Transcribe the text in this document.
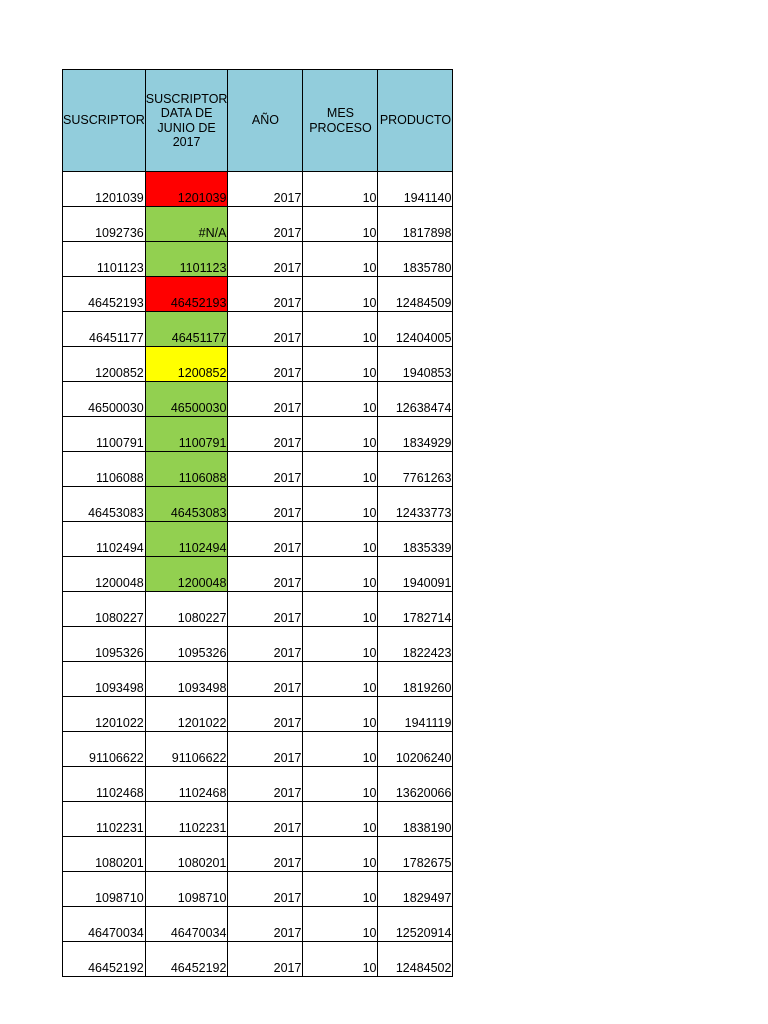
SUSCRIPTOR	SUSCRIPTOR DATA DE JUNIO DE 2017	AÑO	MES PROCESO	PRODUCTO

1201039	1201039	2017	10	1941140
1092736	#N/A	2017	10	1817898
1101123	1101123	2017	10	1835780
46452193	46452193	2017	10	12484509
46451177	46451177	2017	10	12404005
1200852	1200852	2017	10	1940853
46500030	46500030	2017	10	12638474
1100791	1100791	2017	10	1834929
1106088	1106088	2017	10	7761263
46453083	46453083	2017	10	12433773
1102494	1102494	2017	10	1835339
1200048	1200048	2017	10	1940091
1080227	1080227	2017	10	1782714
1095326	1095326	2017	10	1822423
1093498	1093498	2017	10	1819260
1201022	1201022	2017	10	1941119
91106622	91106622	2017	10	10206240
1102468	1102468	2017	10	13620066
1102231	1102231	2017	10	1838190
1080201	1080201	2017	10	1782675
1098710	1098710	2017	10	1829497
46470034	46470034	2017	10	12520914
46452192	46452192	2017	10	12484502
